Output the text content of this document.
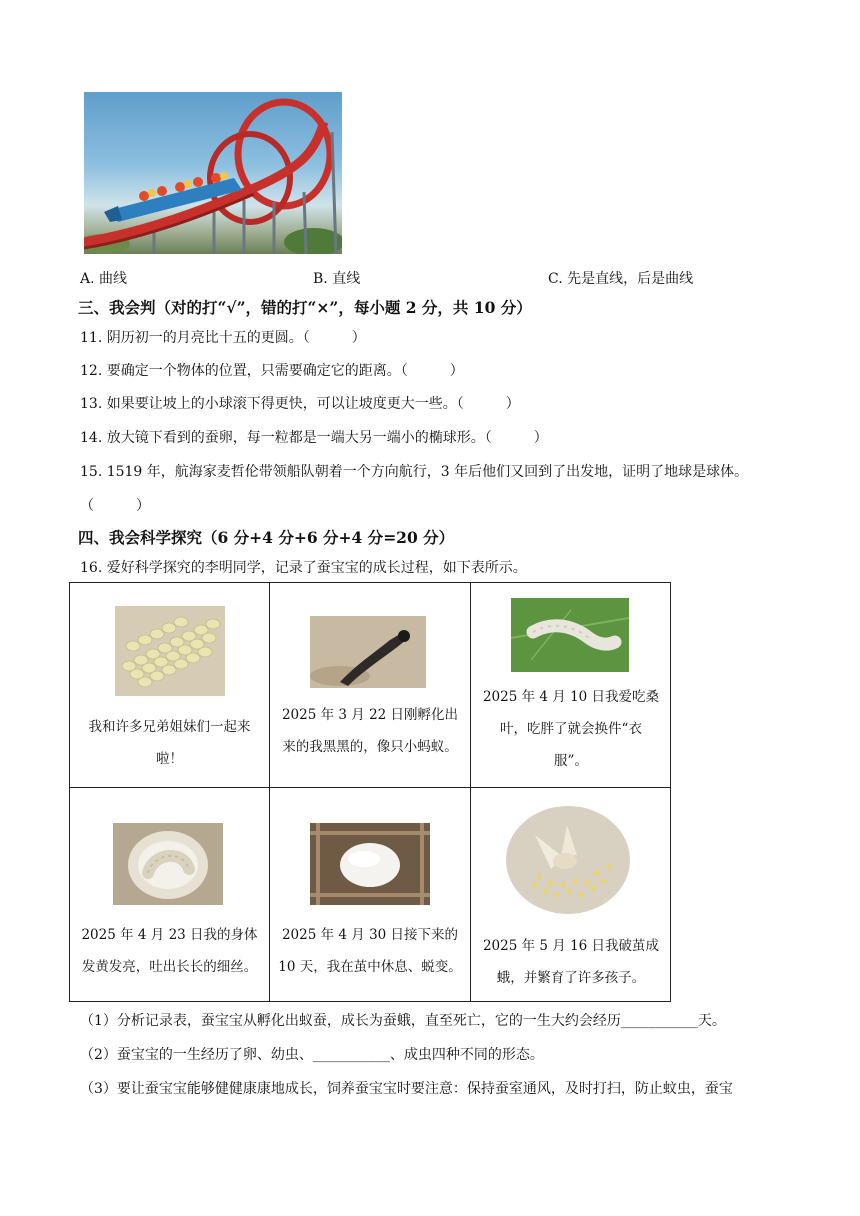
A. 曲线	B. 直线	C. 先是直线，后是曲线
三、我会判（对的打“√”，错的打“×”，每小题 2 分，共 10 分）
11. 阴历初一的月亮比十五的更圆。（　　　）
12. 要确定一个物体的位置，只需要确定它的距离。（　　　）
13. 如果要让坡上的小球滚下得更快，可以让坡度更大一些。（　　　）
14. 放大镜下看到的蚕卵，每一粒都是一端大另一端小的椭球形。（　　　）
15. 1519 年，航海家麦哲伦带领船队朝着一个方向航行，3 年后他们又回到了出发地，证明了地球是球体。
（　　　）
四、我会科学探究（6 分+4 分+6 分+4 分=20 分）
16. 爱好科学探究的李明同学，记录了蚕宝宝的成长过程，如下表所示。
我和许多兄弟姐妹们一起来
啦！
2025 年 3 月 22 日刚孵化出
来的我黑黑的，像只小蚂蚁。
2025 年 4 月 10 日我爱吃桑
叶，吃胖了就会换件“衣
服”。
2025 年 4 月 23 日我的身体
发黄发亮，吐出长长的细丝。
2025 年 4 月 30 日接下来的
10 天，我在茧中休息、蜕变。
2025 年 5 月 16 日我破茧成
蛾，并繁育了许多孩子。
（1）分析记录表，蚕宝宝从孵化出蚁蚕，成长为蚕蛾，直至死亡，它的一生大约会经历___________天。
（2）蚕宝宝的一生经历了卵、幼虫、___________、成虫四种不同的形态。
（3）要让蚕宝宝能够健健康康地成长，饲养蚕宝宝时要注意：保持蚕室通风，及时打扫，防止蚊虫，蚕宝
